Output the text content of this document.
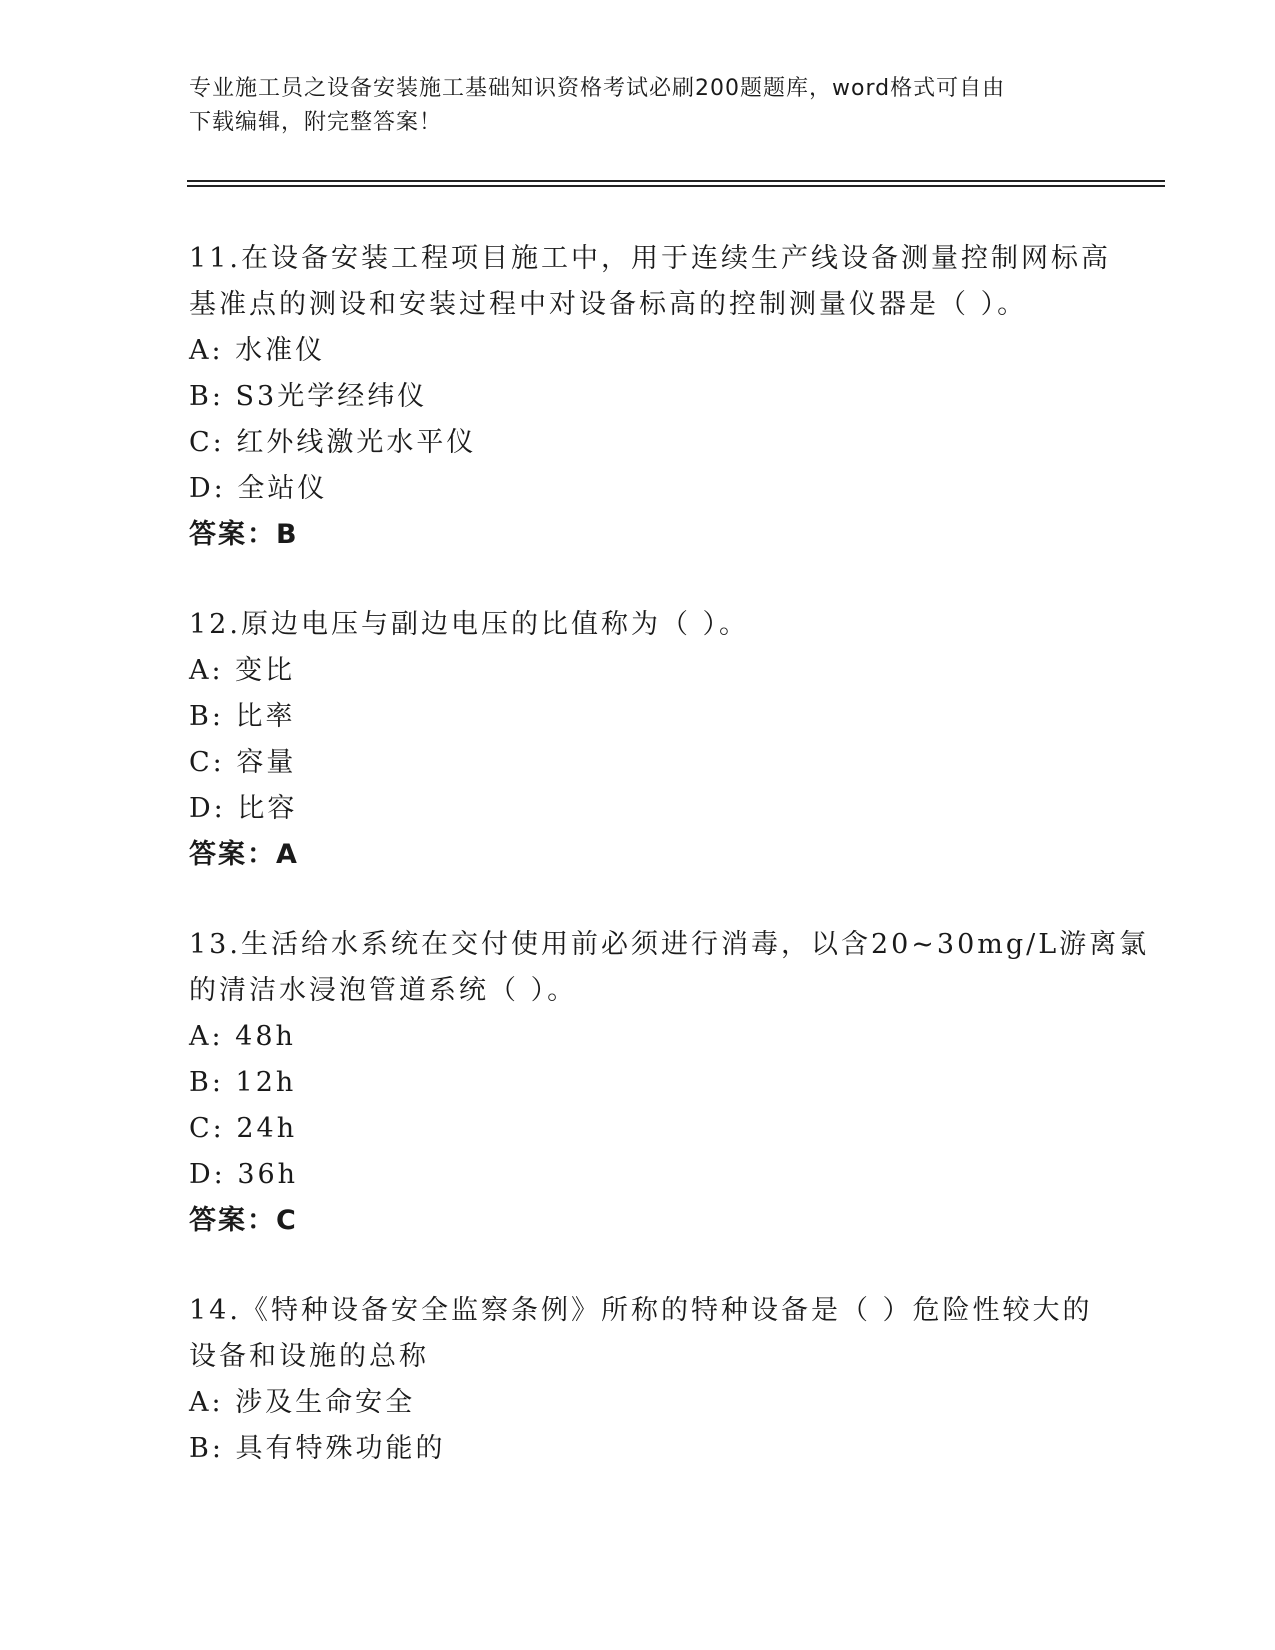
专业施工员之设备安装施工基础知识资格考试必刷200题题库，word格式可自由
下载编辑，附完整答案！
11.在设备安装工程项目施工中，用于连续生产线设备测量控制网标高
基准点的测设和安装过程中对设备标高的控制测量仪器是（ ）。
A: 水准仪
B: S3光学经纬仪
C: 红外线激光水平仪
D: 全站仪
答案：B
12.原边电压与副边电压的比值称为（ ）。
A: 变比
B: 比率
C: 容量
D: 比容
答案：A
13.生活给水系统在交付使用前必须进行消毒，以含20~30mg/L游离氯
的清洁水浸泡管道系统（ ）。
A: 48h
B: 12h
C: 24h
D: 36h
答案：C
14.《特种设备安全监察条例》所称的特种设备是（ ）危险性较大的
设备和设施的总称
A: 涉及生命安全
B: 具有特殊功能的
